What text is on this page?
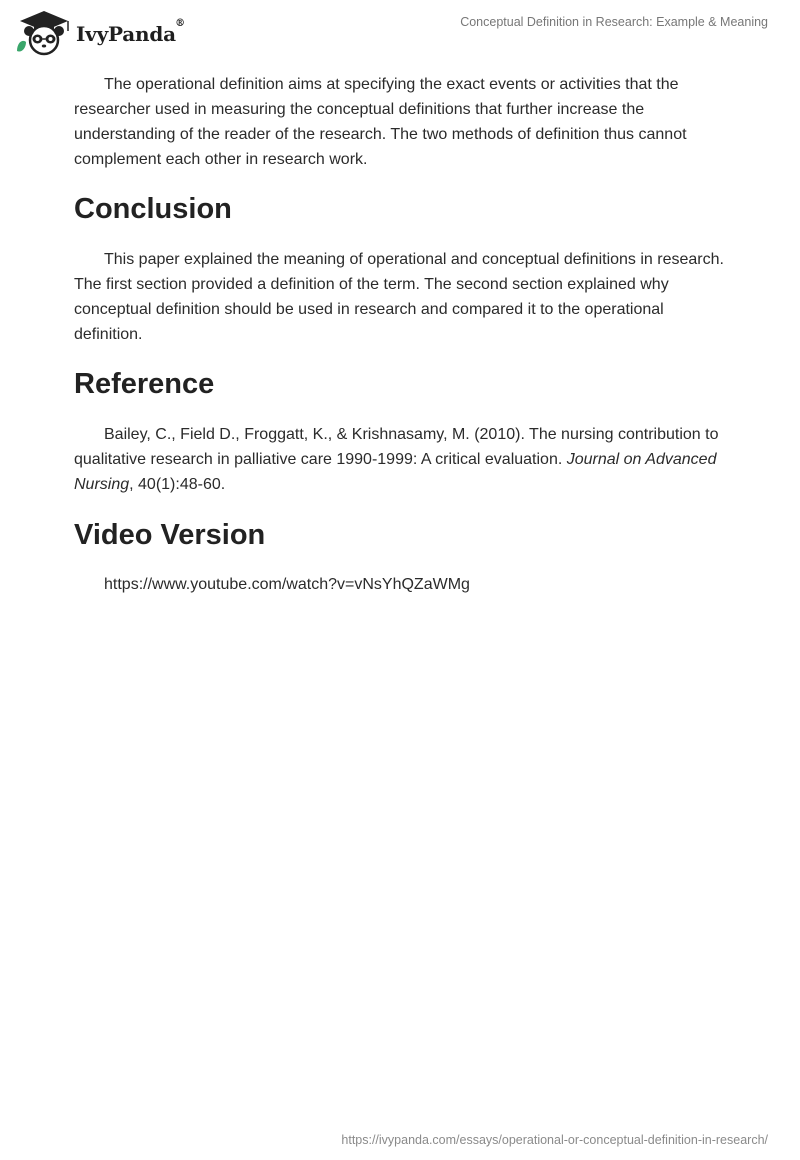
IvyPanda ®	Conceptual Definition in Research: Example & Meaning

The operational definition aims at specifying the exact events or activities that the researcher used in measuring the conceptual definitions that further increase the understanding of the reader of the research. The two methods of definition thus cannot complement each other in research work.

Conclusion

This paper explained the meaning of operational and conceptual definitions in research. The first section provided a definition of the term. The second section explained why conceptual definition should be used in research and compared it to the operational definition.

Reference

Bailey, C., Field D., Froggatt, K., & Krishnasamy, M. (2010). The nursing contribution to qualitative research in palliative care 1990-1999: A critical evaluation. Journal on Advanced Nursing, 40(1):48-60.

Video Version

https://www.youtube.com/watch?v=vNsYhQZaWMg

https://ivypanda.com/essays/operational-or-conceptual-definition-in-research/
